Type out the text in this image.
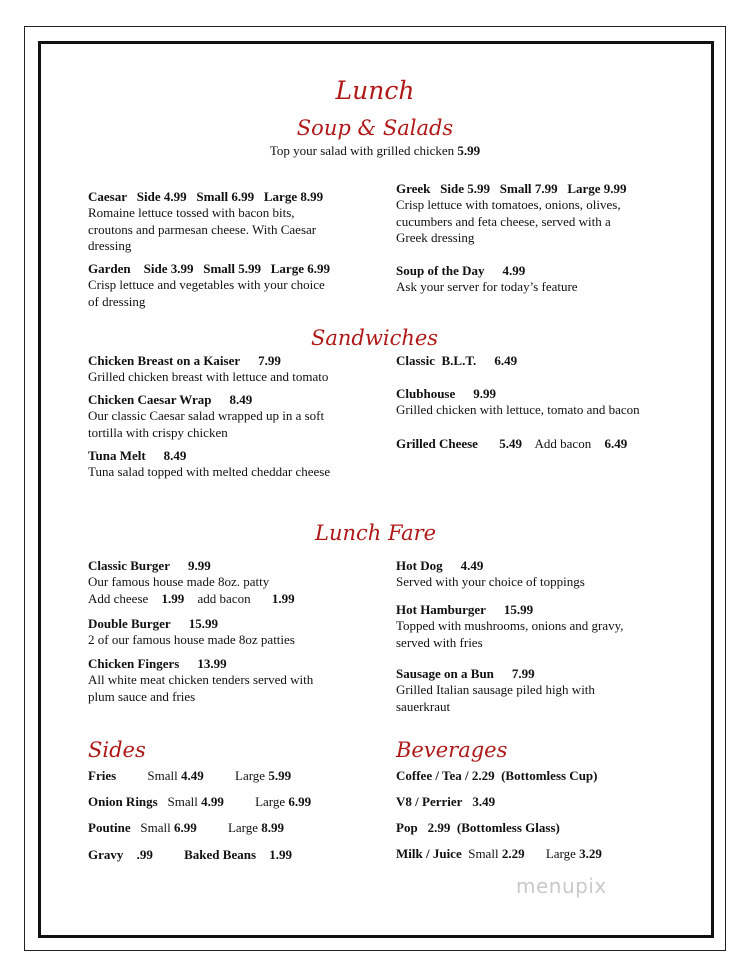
Lunch
Soup & Salads
Top your salad with grilled chicken 5.99
Caesar Side 4.99 Small 6.99 Large 8.99
Romaine lettuce tossed with bacon bits,
croutons and parmesan cheese. With Caesar
dressing
Garden Side 3.99 Small 5.99 Large 6.99
Crisp lettuce and vegetables with your choice
of dressing
Greek Side 5.99 Small 7.99 Large 9.99
Crisp lettuce with tomatoes, onions, olives,
cucumbers and feta cheese, served with a
Greek dressing
Soup of the Day 4.99
Ask your server for today’s feature
Sandwiches
Chicken Breast on a Kaiser 7.99
Grilled chicken breast with lettuce and tomato
Chicken Caesar Wrap 8.49
Our classic Caesar salad wrapped up in a soft
tortilla with crispy chicken
Tuna Melt 8.49
Tuna salad topped with melted cheddar cheese
Classic  B.L.T. 6.49
Clubhouse 9.99
Grilled chicken with lettuce, tomato and bacon
Grilled Cheese 5.49 Add bacon 6.49
Lunch Fare
Classic Burger 9.99
Our famous house made 8oz. patty
Add cheese 1.99 add bacon 1.99
Double Burger 15.99
2 of our famous house made 8oz patties
Chicken Fingers 13.99
All white meat chicken tenders served with
plum sauce and fries
Hot Dog 4.49
Served with your choice of toppings
Hot Hamburger 15.99
Topped with mushrooms, onions and gravy,
served with fries
Sausage on a Bun 7.99
Grilled Italian sausage piled high with
sauerkraut
Sides
Fries Small 4.49 Large 5.99
Onion Rings Small 4.99 Large 6.99
Poutine Small 6.99 Large 8.99
Gravy .99 Baked Beans 1.99
Beverages
Coffee / Tea / 2.29  (Bottomless Cup)
V8 / Perrier 3.49
Pop 2.99 (Bottomless Glass)
Milk / Juice Small 2.29 Large 3.29
menupix
